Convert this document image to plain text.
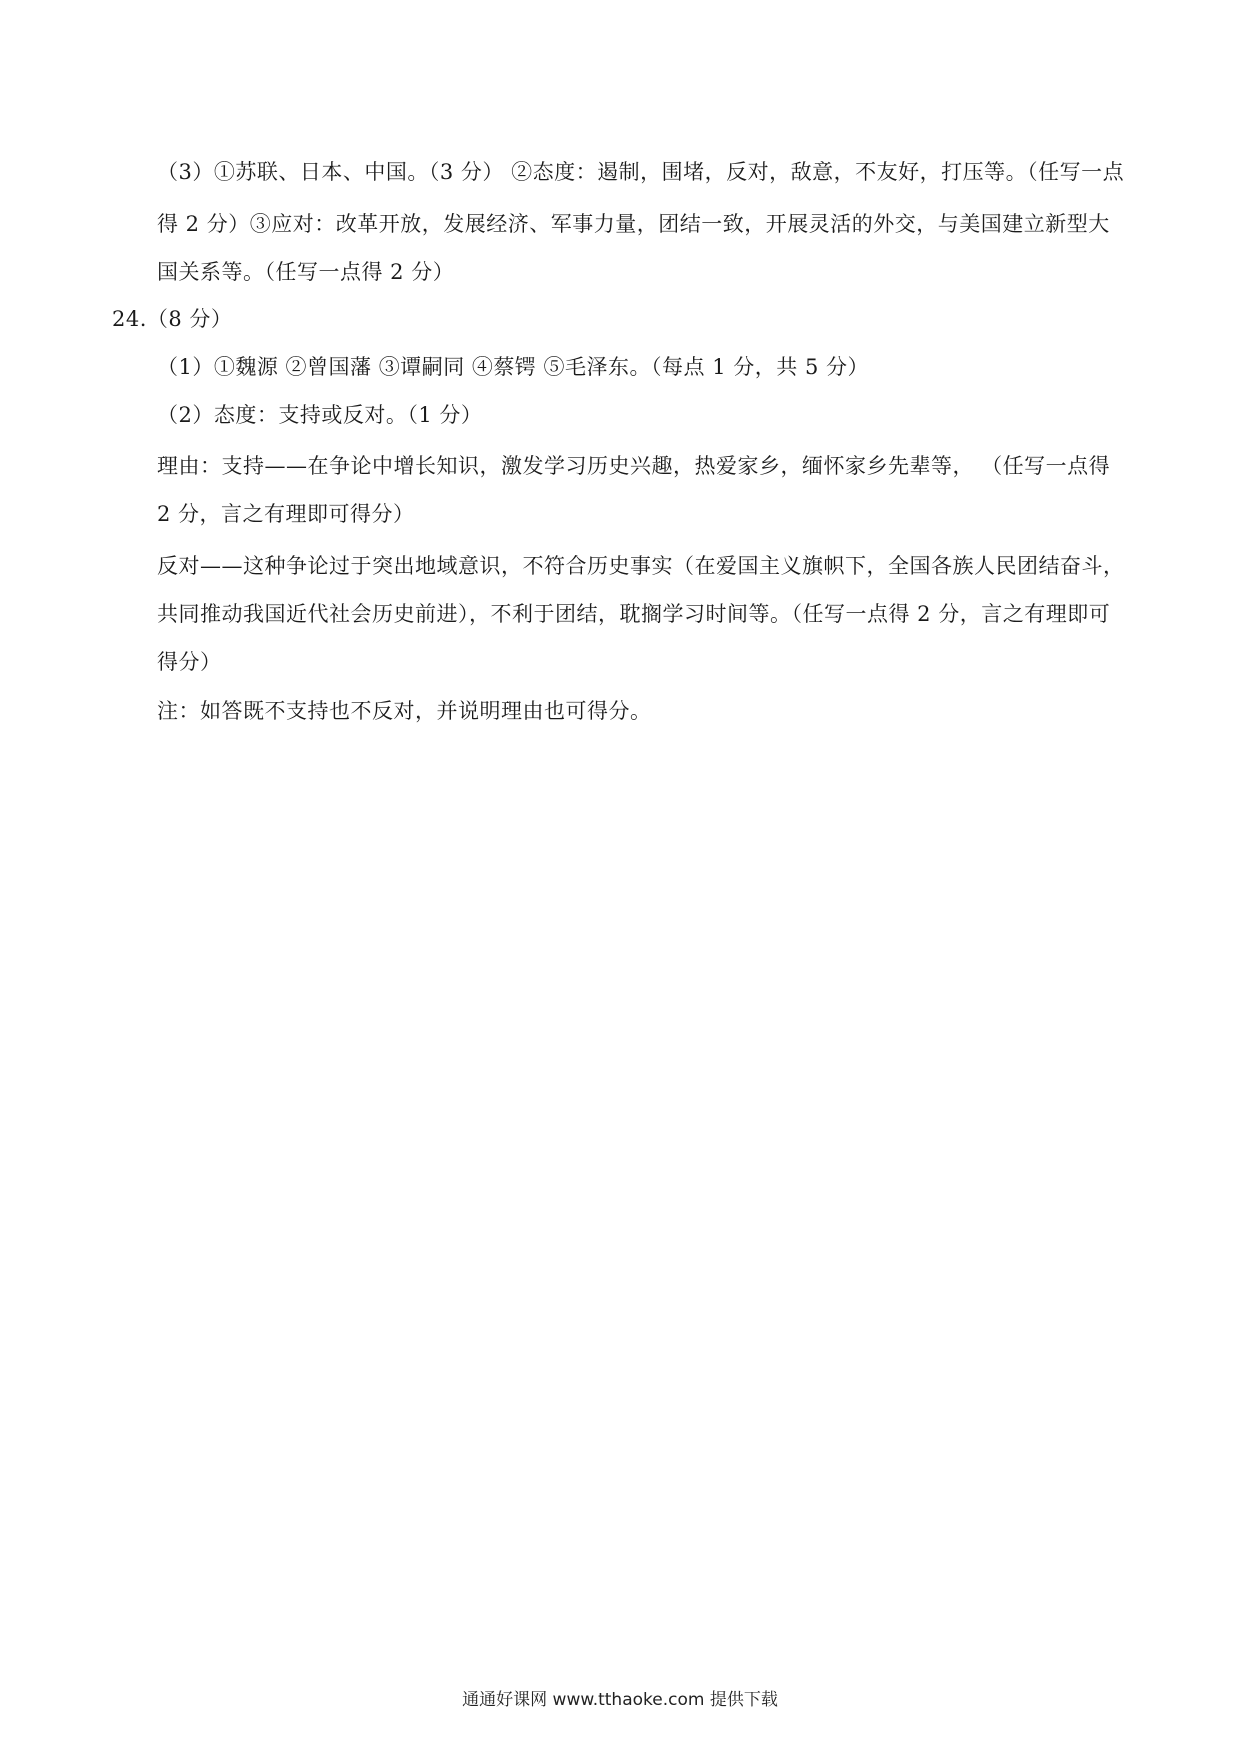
（3）①苏联、日本、中国。（3 分） ②态度：遏制，围堵，反对，敌意，不友好，打压等。（任写一点
得 2 分）③应对：改革开放，发展经济、军事力量，团结一致，开展灵活的外交，与美国建立新型大
国关系等。（任写一点得 2 分）
24.（8 分）
（1）①魏源 ②曾国藩 ③谭嗣同 ④蔡锷 ⑤毛泽东。（每点 1 分，共 5 分）
（2）态度：支持或反对。（1 分）
理由：支持——在争论中增长知识，激发学习历史兴趣，热爱家乡，缅怀家乡先辈等， （任写一点得
2 分，言之有理即可得分）
反对——这种争论过于突出地域意识，不符合历史事实（在爱国主义旗帜下，全国各族人民团结奋斗，
共同推动我国近代社会历史前进），不利于团结，耽搁学习时间等。（任写一点得 2 分，言之有理即可
得分）
注：如答既不支持也不反对，并说明理由也可得分。
通通好课网 www.tthaoke.com 提供下载
